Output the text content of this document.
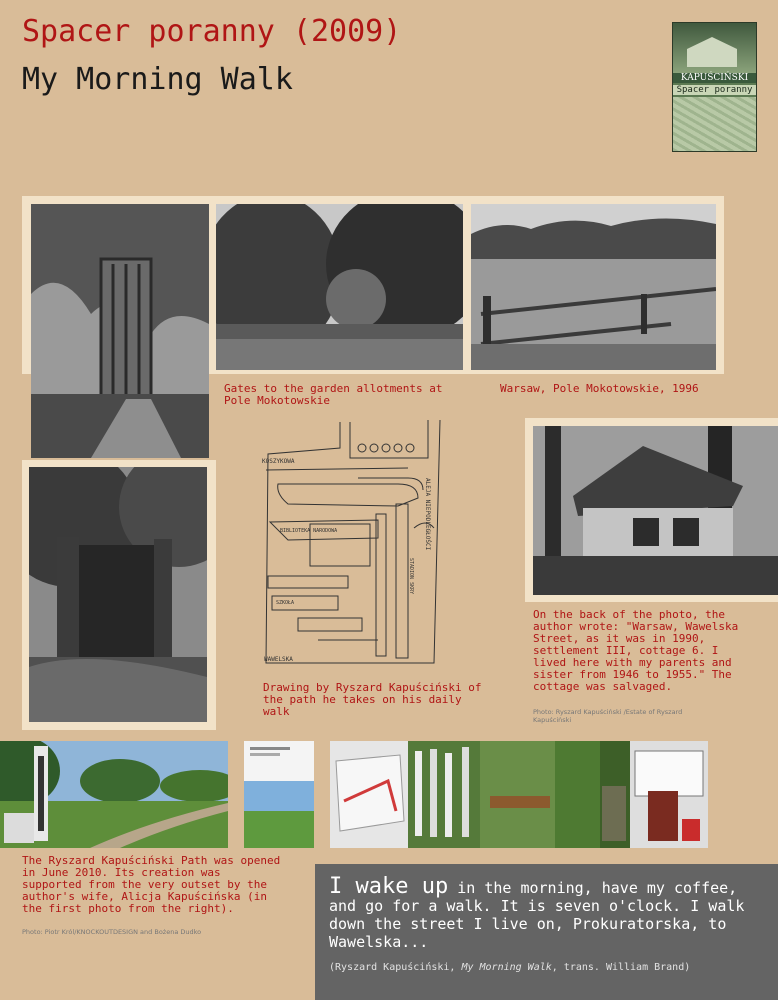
Spacer poranny (2009)
My Morning Walk	KAPUŚCIŃSKI
Spacer poranny
Gates to the garden allotments at Pole Mokotowskie
Warsaw, Pole Mokotowskie, 1996
KOSZYKOWA
WAWELSKA
ALEJA NIEPODLEGŁOŚCI
BIBLIOTEKA NARODOWA
STADION SKRY
SZKOŁA
Drawing by Ryszard Kapuściński of the path he takes on his daily walk
On the back of the photo, the author wrote: "Warsaw, Wawelska Street, as it was in 1990, settlement III, cottage 6. I lived here with my parents and sister from 1946 to 1955." The cottage was salvaged.
Photo: Ryszard Kapuściński /Estate of Ryszard Kapuściński
The Ryszard Kapuściński Path was opened in June 2010. Its creation was supported from the very outset by the author's wife, Alicja Kapuścińska (in the first photo from the right).
Photo: Piotr Król/KNOCKOUTDESIGN and Bożena Dudko
I wake up in the morning, have my coffee, and go for a walk. It is seven o'clock. I walk down the street I live on, Prokuratorska, to Wawelska...
(Ryszard Kapuściński, My Morning Walk, trans. William Brand)
